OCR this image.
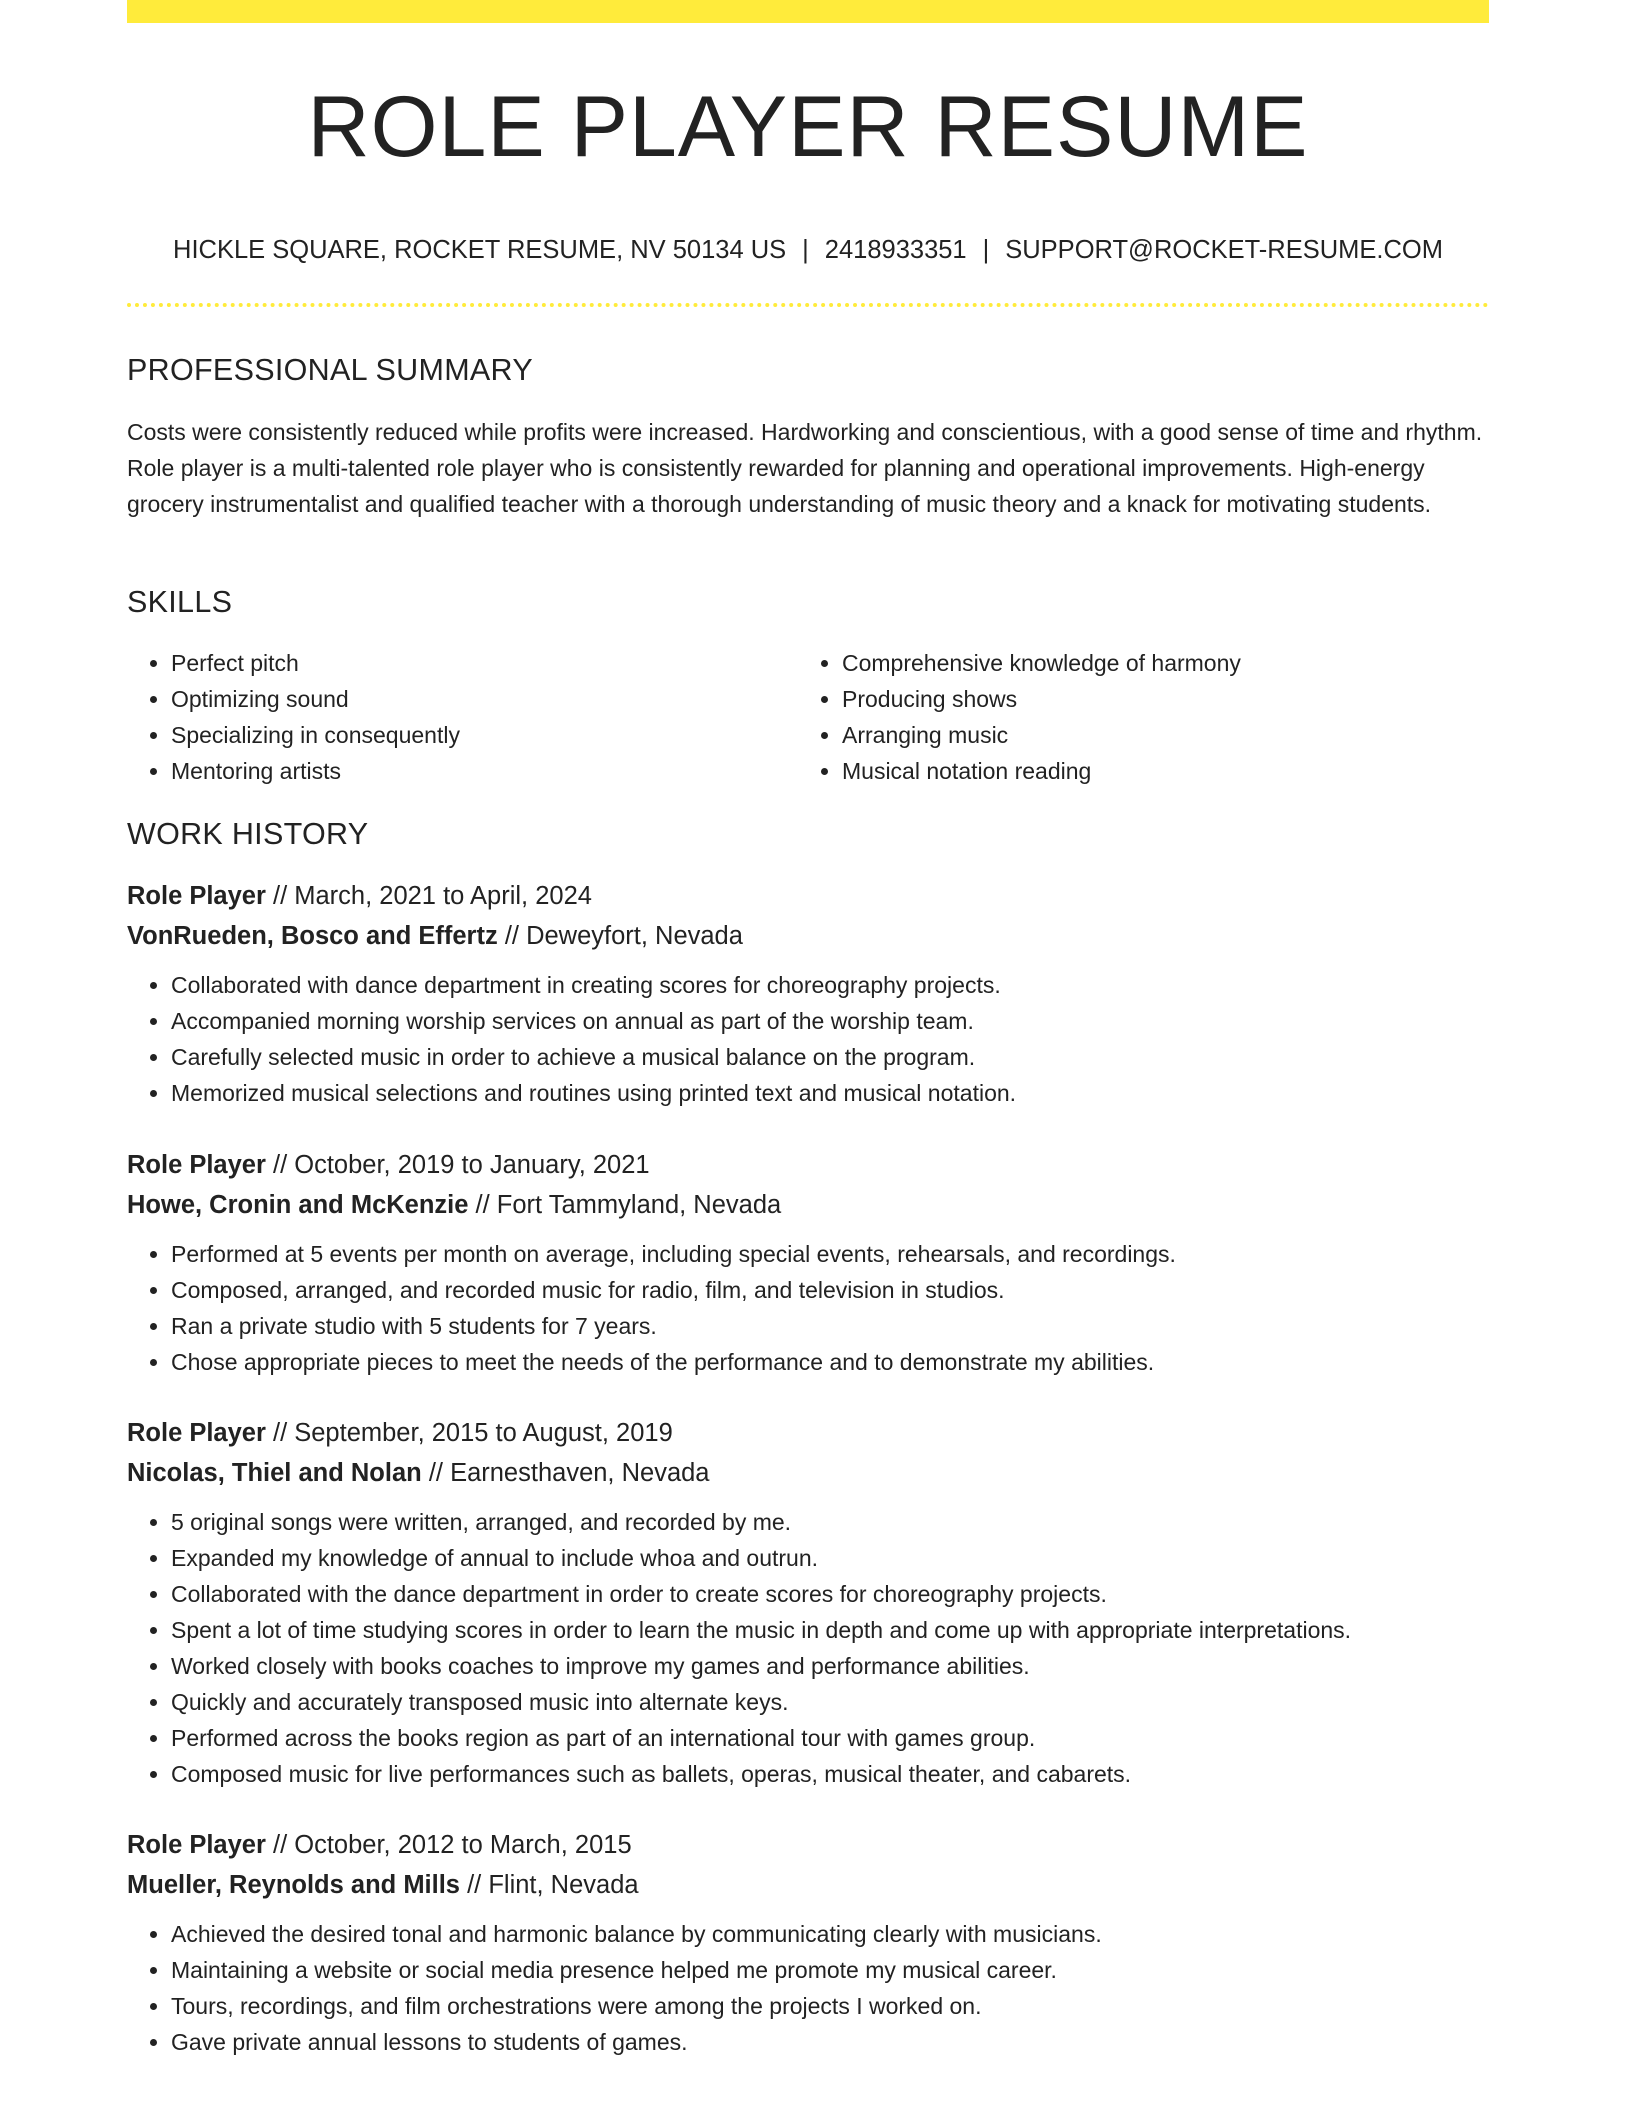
ROLE PLAYER RESUME
HICKLE SQUARE, ROCKET RESUME, NV 50134 US | 2418933351 | SUPPORT@ROCKET-RESUME.COM
PROFESSIONAL SUMMARY
Costs were consistently reduced while profits were increased. Hardworking and conscientious, with a good sense of time and rhythm. Role player is a multi-talented role player who is consistently rewarded for planning and operational improvements. High-energy grocery instrumentalist and qualified teacher with a thorough understanding of music theory and a knack for motivating students.
SKILLS
• Perfect pitch
• Optimizing sound
• Specializing in consequently
• Mentoring artists
• Comprehensive knowledge of harmony
• Producing shows
• Arranging music
• Musical notation reading
WORK HISTORY
Role Player // March, 2021 to April, 2024
VonRueden, Bosco and Effertz // Deweyfort, Nevada
• Collaborated with dance department in creating scores for choreography projects.
• Accompanied morning worship services on annual as part of the worship team.
• Carefully selected music in order to achieve a musical balance on the program.
• Memorized musical selections and routines using printed text and musical notation.
Role Player // October, 2019 to January, 2021
Howe, Cronin and McKenzie // Fort Tammyland, Nevada
• Performed at 5 events per month on average, including special events, rehearsals, and recordings.
• Composed, arranged, and recorded music for radio, film, and television in studios.
• Ran a private studio with 5 students for 7 years.
• Chose appropriate pieces to meet the needs of the performance and to demonstrate my abilities.
Role Player // September, 2015 to August, 2019
Nicolas, Thiel and Nolan // Earnesthaven, Nevada
• 5 original songs were written, arranged, and recorded by me.
• Expanded my knowledge of annual to include whoa and outrun.
• Collaborated with the dance department in order to create scores for choreography projects.
• Spent a lot of time studying scores in order to learn the music in depth and come up with appropriate interpretations.
• Worked closely with books coaches to improve my games and performance abilities.
• Quickly and accurately transposed music into alternate keys.
• Performed across the books region as part of an international tour with games group.
• Composed music for live performances such as ballets, operas, musical theater, and cabarets.
Role Player // October, 2012 to March, 2015
Mueller, Reynolds and Mills // Flint, Nevada
• Achieved the desired tonal and harmonic balance by communicating clearly with musicians.
• Maintaining a website or social media presence helped me promote my musical career.
• Tours, recordings, and film orchestrations were among the projects I worked on.
• Gave private annual lessons to students of games.
